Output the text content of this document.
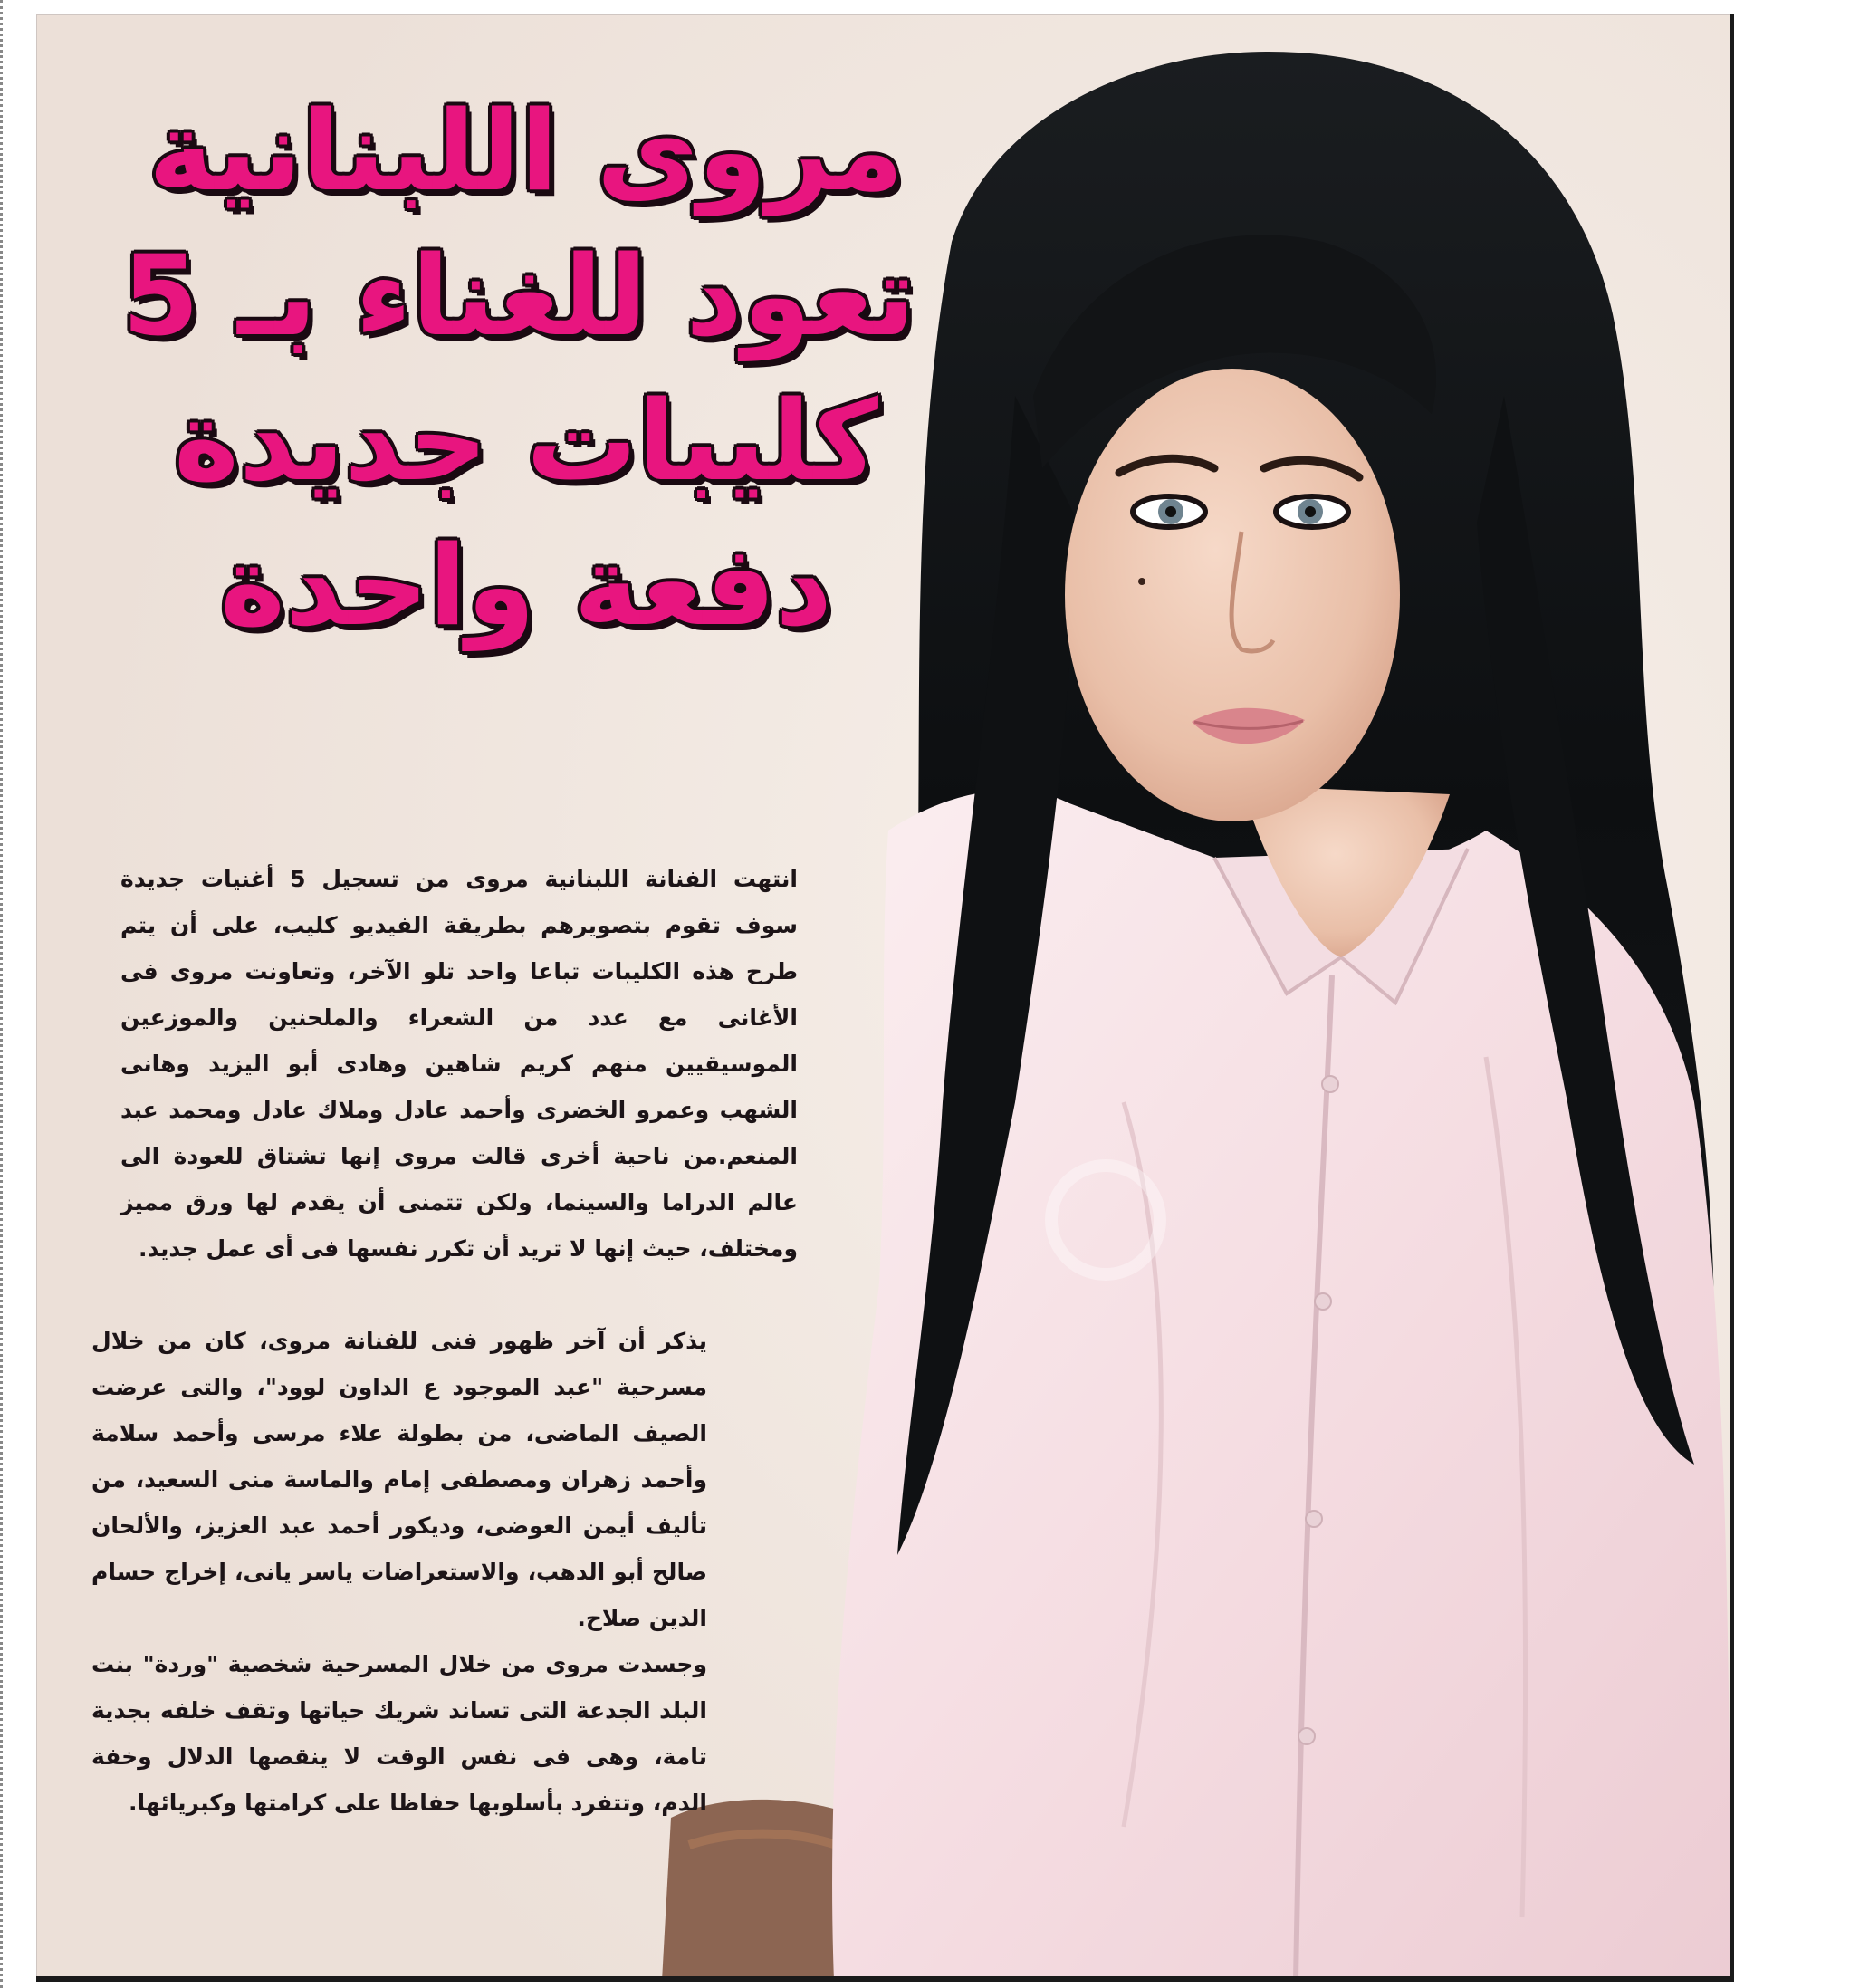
مروى اللبنانية
تعود للغناء بـ 5
كليبات جديدة
دفعة واحدة

انتهت الفنانة اللبنانية مروى من تسجيل 5 أغنيات جديدة سوف تقوم بتصويرهم بطريقة الفيديو كليب، على أن يتم طرح هذه الكليبات تباعا واحد تلو الآخر، وتعاونت مروى فى الأغانى مع عدد من الشعراء والملحنين والموزعين الموسيقيين منهم كريم شاهين وهادى أبو اليزيد وهانى الشهب وعمرو الخضرى وأحمد عادل وملاك عادل ومحمد عبد المنعم.من ناحية أخرى قالت مروى إنها تشتاق للعودة الى عالم الدراما والسينما، ولكن تتمنى أن يقدم لها ورق مميز ومختلف، حيث إنها لا تريد أن تكرر نفسها فى أى عمل جديد.

يذكر أن آخر ظهور فنى للفنانة مروى، كان من خلال مسرحية "عبد الموجود ع الداون لوود"، والتى عرضت الصيف الماضى، من بطولة علاء مرسى وأحمد سلامة وأحمد زهران ومصطفى إمام والماسة منى السعيد، من تأليف أيمن العوضى، وديكور أحمد عبد العزيز، والألحان صالح أبو الدهب، والاستعراضات ياسر يانى، إخراج حسام الدين صلاح.

وجسدت مروى من خلال المسرحية شخصية "وردة" بنت البلد الجدعة التى تساند شريك حياتها وتقف خلفه بجدية تامة، وهى فى نفس الوقت لا ينقصها الدلال وخفة الدم، وتتفرد بأسلوبها حفاظا على كرامتها وكبريائها.
